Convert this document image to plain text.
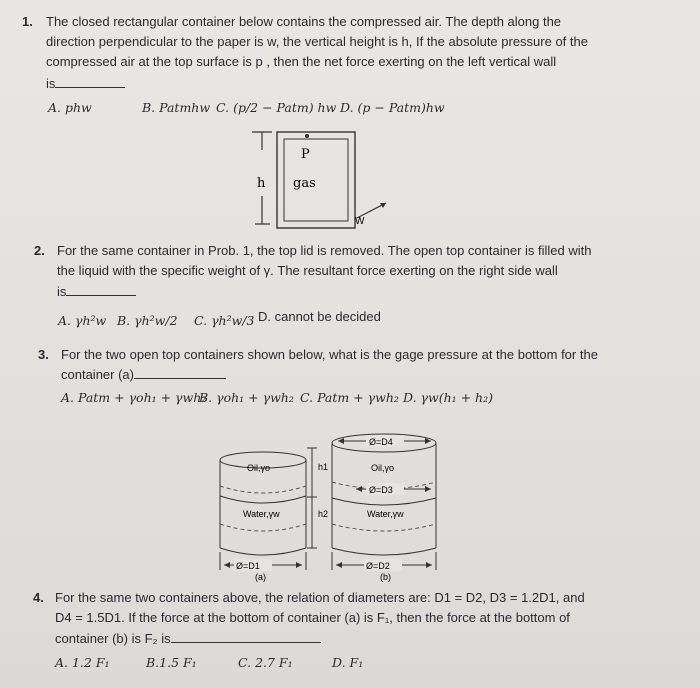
1. The closed rectangular container below contains the compressed air. The depth along the
direction perpendicular to the paper is w, the vertical height is h, If the absolute pressure of the
compressed air at the top surface is p , then the net force exerting on the left vertical wall
is
A. phw	B. Patmhw C. (p/2 − Patm) hw D. (p − Patm)hw
P
h gas
W
2. For the same container in Prob. 1, the top lid is removed. The open top container is filled with
the liquid with the specific weight of γ. The resultant force exerting on the right side wall
is
A. γh²w B. γh²w/2 C. γh²w/3 D. cannot be decided
3. For the two open top containers shown below, what is the gage pressure at the bottom for the
container (a)
A. Patm + γoh₁ + γwh₂
B. γoh₁ + γwh₂ C. Patm + γwh₂ D. γw(h₁ + h₂)
Oil,γo	Oil,γo
Water,γw	Water,γw
h1
h2
Ø=D4
Ø=D3
Ø=D1	Ø=D2
(a)	(b)
4. For the same two containers above, the relation of diameters are: D1 = D2, D3 = 1.2D1, and
D4 = 1.5D1. If the force at the bottom of container (a) is F₁, then the force at the bottom of
container (b) is F₂ is
A. 1.2 F₁	B.1.5 F₁	C. 2.7 F₁	D. F₁
